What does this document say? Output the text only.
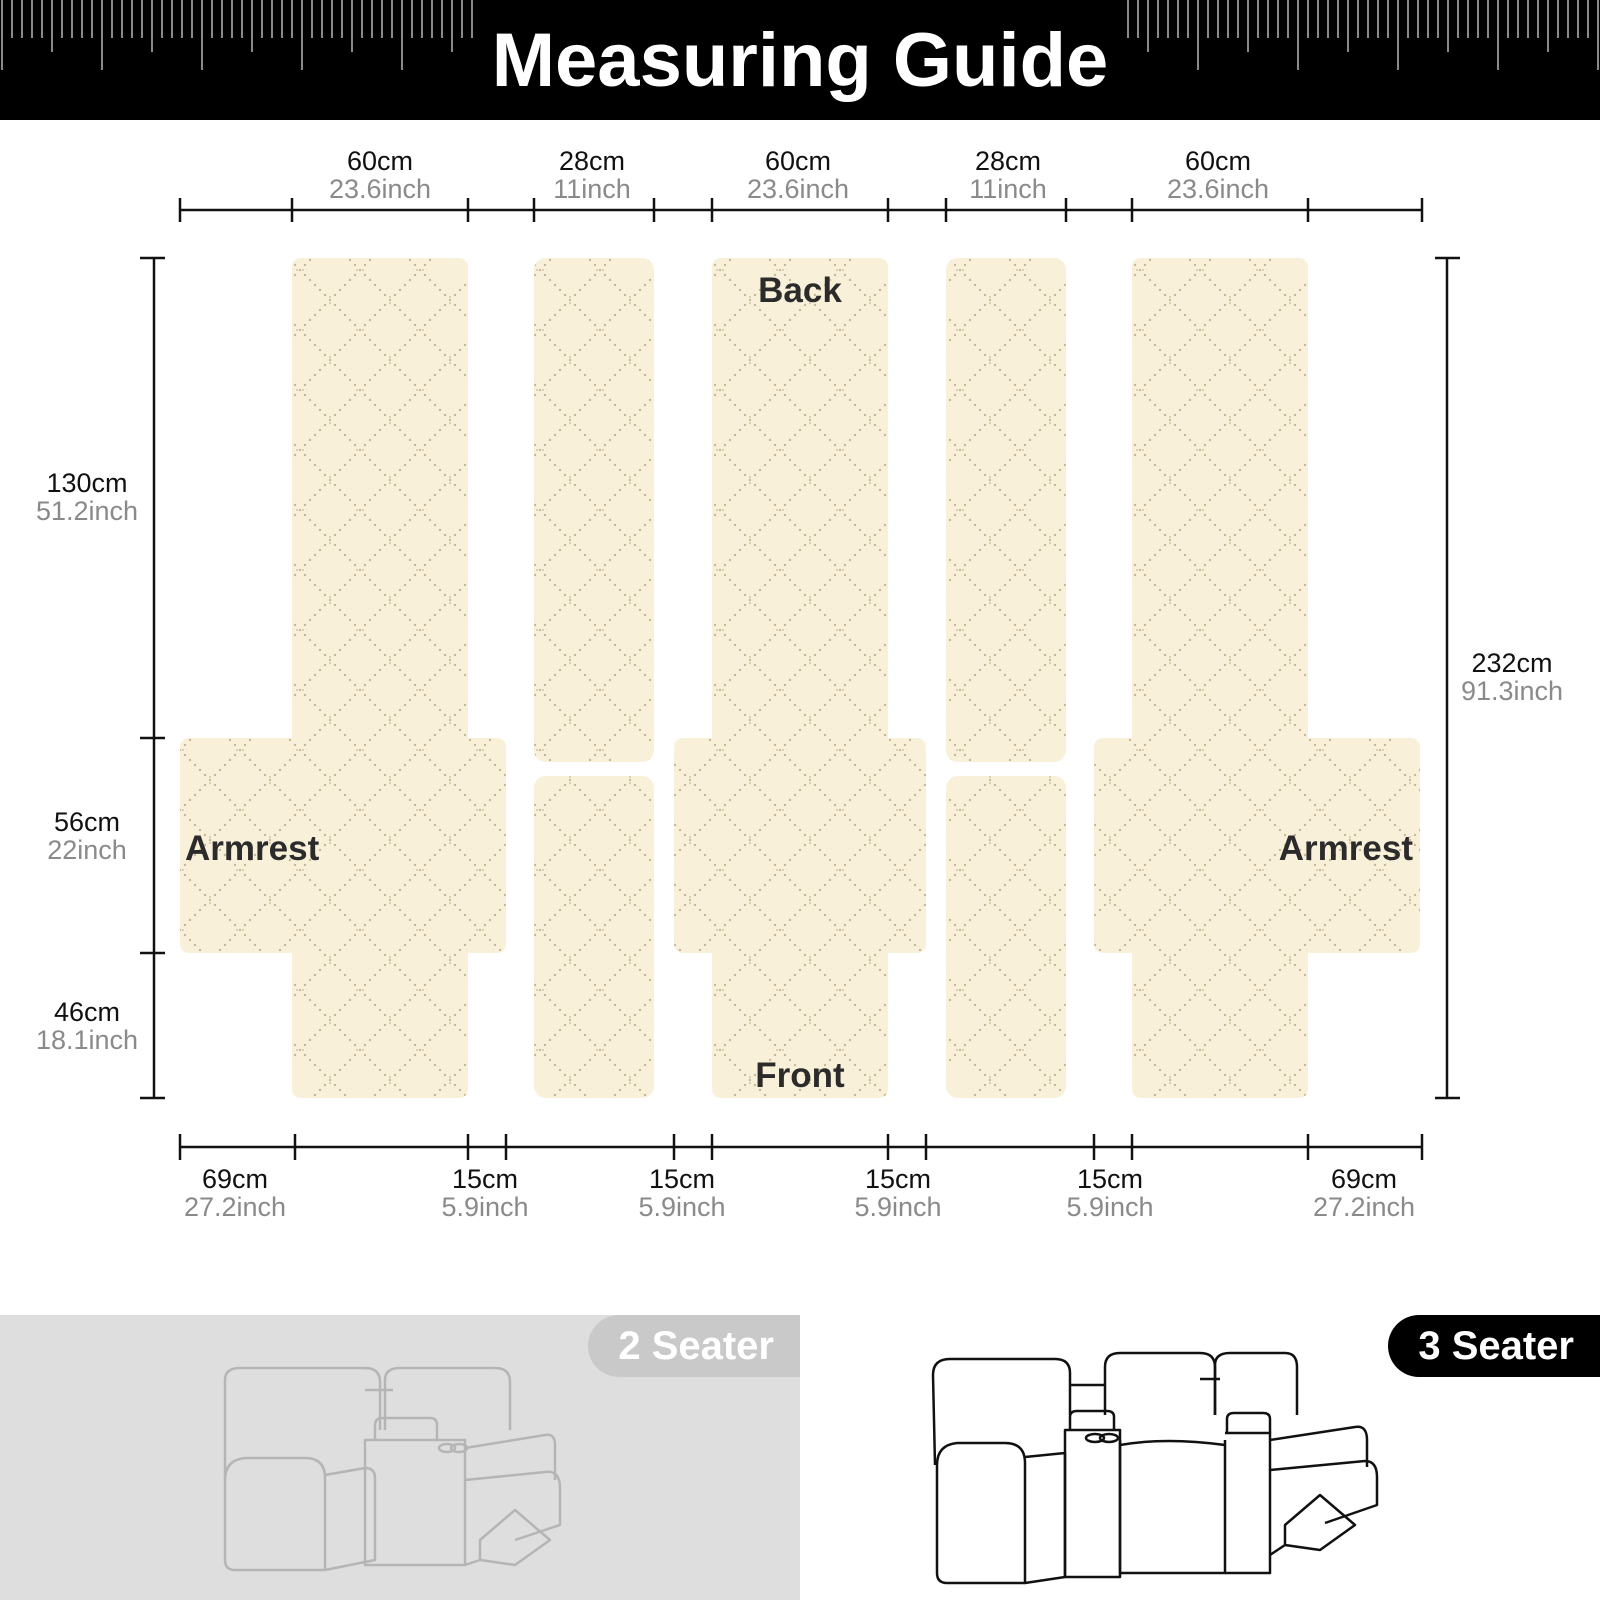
Measuring Guide
Back
Front
Armrest	Armrest
60cm
23.6inch
28cm
11inch
60cm
23.6inch
28cm
11inch
60cm
23.6inch
130cm
51.2inch
56cm
22inch
46cm
18.1inch
232cm
91.3inch
69cm
27.2inch
15cm
5.9inch
15cm
5.9inch
15cm
5.9inch
15cm
5.9inch
69cm
27.2inch
2 Seater	3 Seater
